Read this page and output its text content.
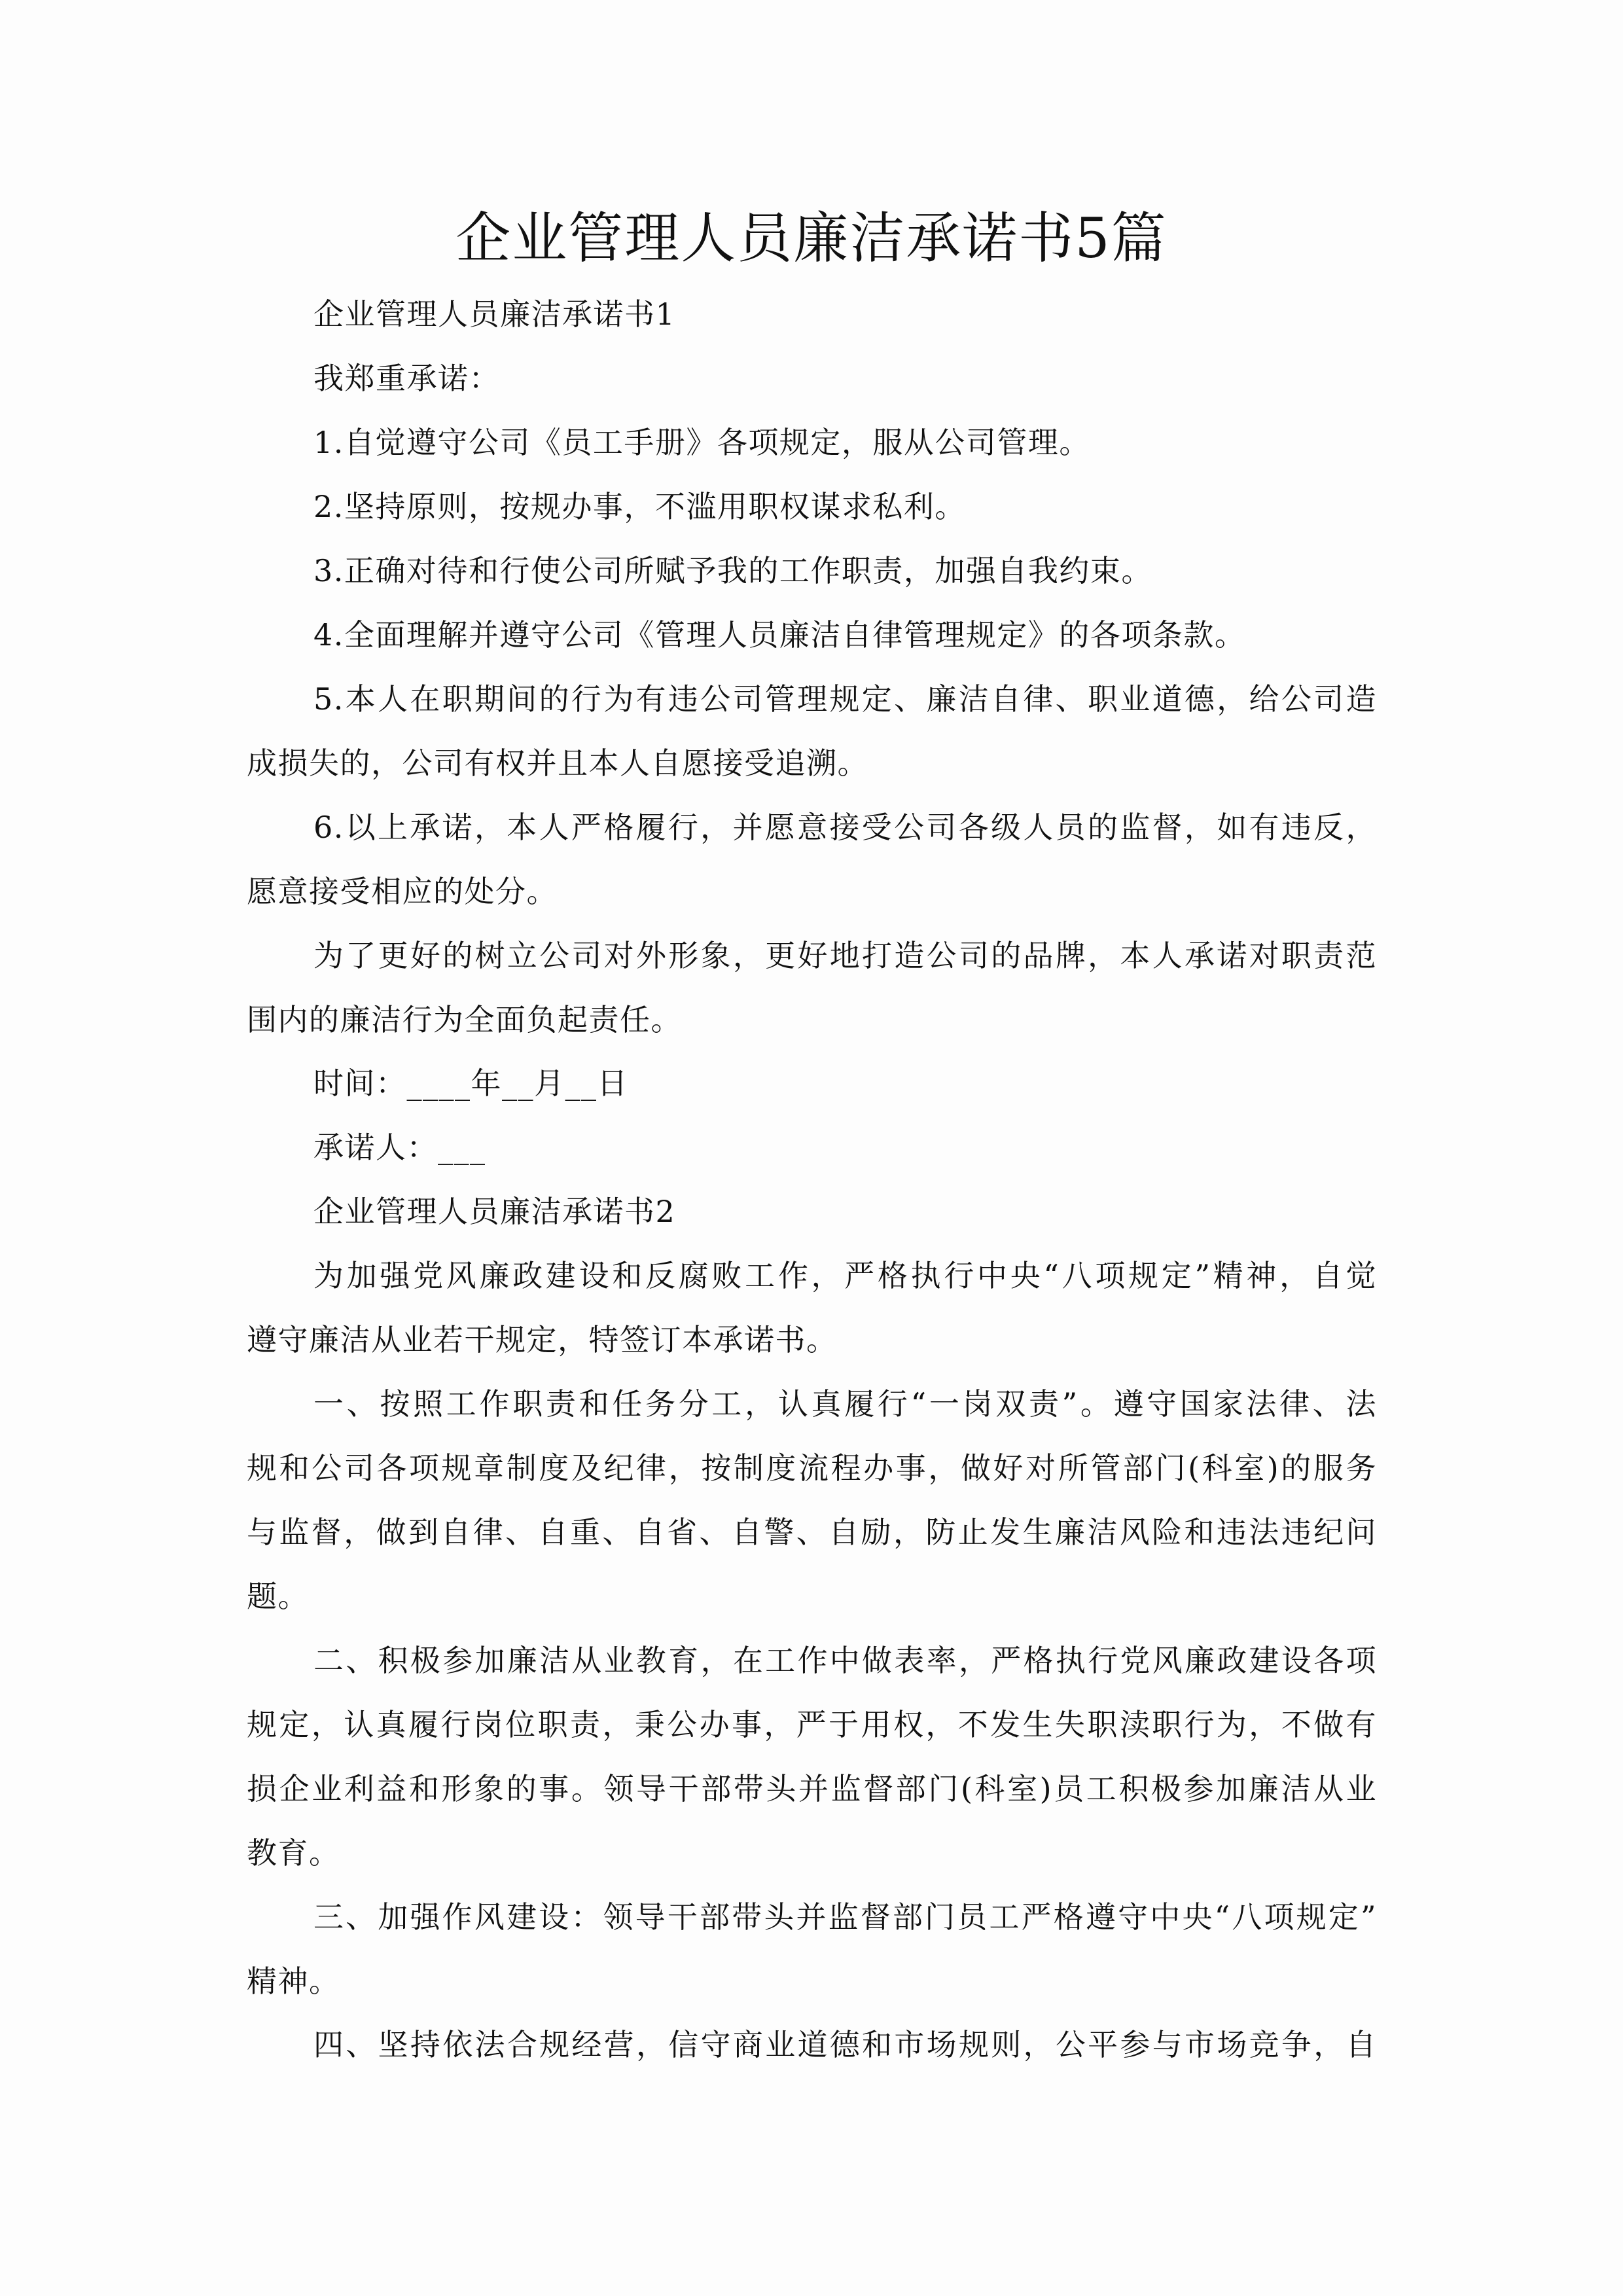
企业管理人员廉洁承诺书5篇
企业管理人员廉洁承诺书1
我郑重承诺：
1.自觉遵守公司《员工手册》各项规定，服从公司管理。
2.坚持原则，按规办事，不滥用职权谋求私利。
3.正确对待和行使公司所赋予我的工作职责，加强自我约束。
4.全面理解并遵守公司《管理人员廉洁自律管理规定》的各项条款。
5.本人在职期间的行为有违公司管理规定、廉洁自律、职业道德，给公司造
成损失的，公司有权并且本人自愿接受追溯。
6.以上承诺，本人严格履行，并愿意接受公司各级人员的监督，如有违反，
愿意接受相应的处分。
为了更好的树立公司对外形象，更好地打造公司的品牌，本人承诺对职责范
围内的廉洁行为全面负起责任。
时间：____年__月__日
承诺人：___
企业管理人员廉洁承诺书2
为加强党风廉政建设和反腐败工作，严格执行中央“八项规定”精神，自觉
遵守廉洁从业若干规定，特签订本承诺书。
一、按照工作职责和任务分工，认真履行“一岗双责”。遵守国家法律、法
规和公司各项规章制度及纪律，按制度流程办事，做好对所管部门(科室)的服务
与监督，做到自律、自重、自省、自警、自励，防止发生廉洁风险和违法违纪问
题。
二、积极参加廉洁从业教育，在工作中做表率，严格执行党风廉政建设各项
规定，认真履行岗位职责，秉公办事，严于用权，不发生失职渎职行为，不做有
损企业利益和形象的事。领导干部带头并监督部门(科室)员工积极参加廉洁从业
教育。
三、加强作风建设：领导干部带头并监督部门员工严格遵守中央“八项规定”
精神。
四、坚持依法合规经营，信守商业道德和市场规则，公平参与市场竞争，自
